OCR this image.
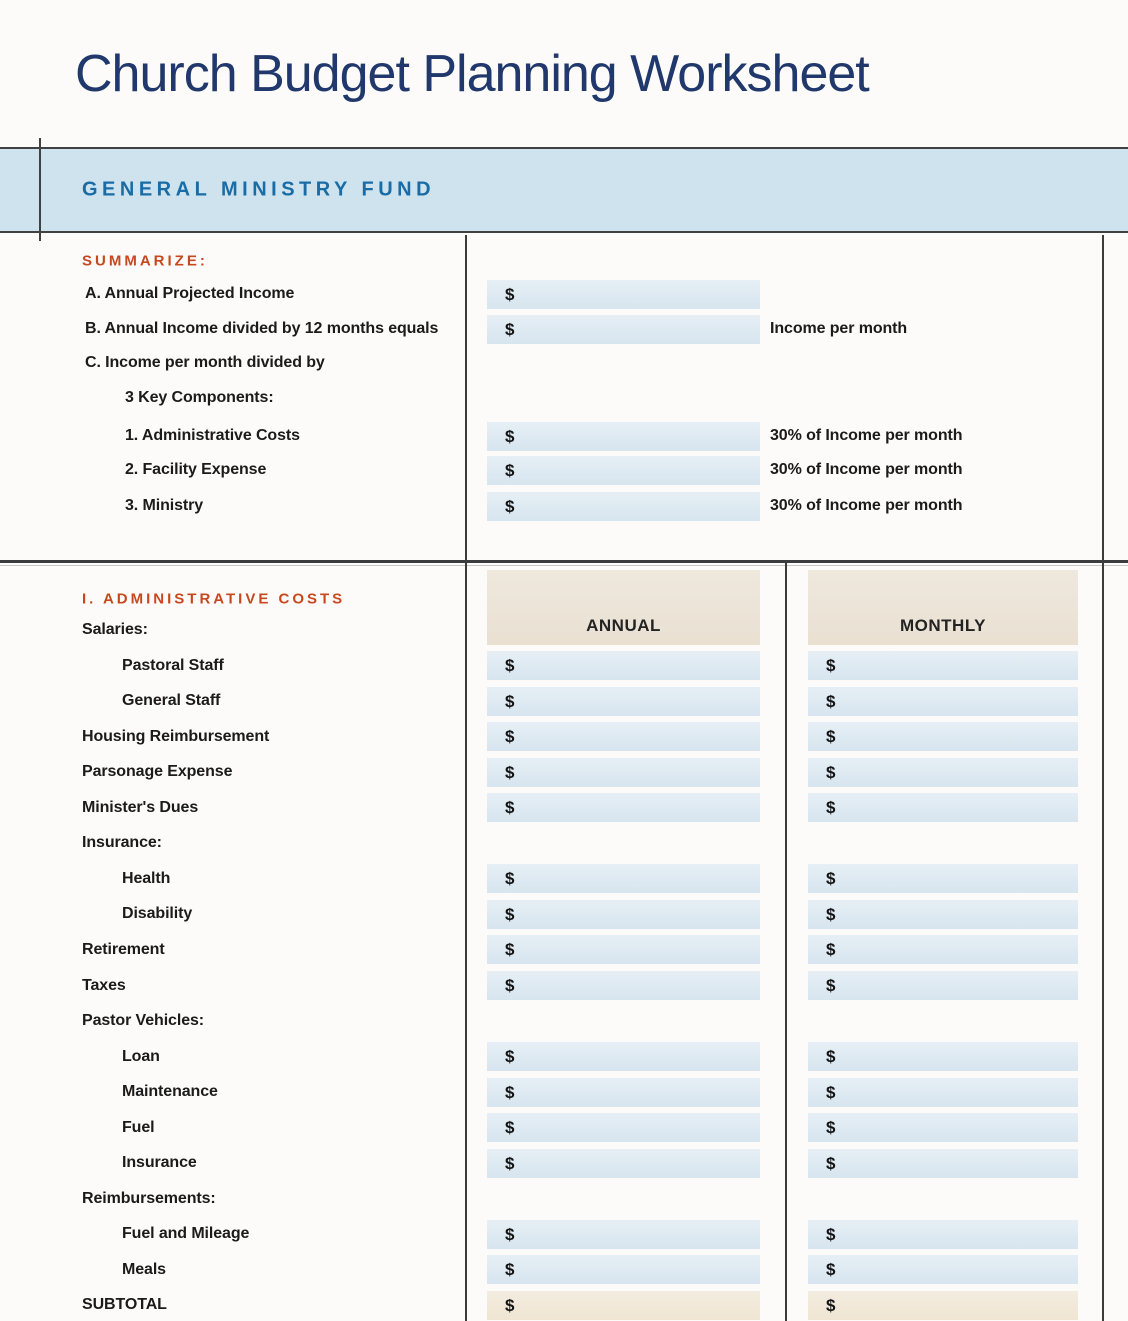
Church Budget Planning Worksheet
GENERAL MINISTRY FUND
SUMMARIZE:
A. Annual Projected Income	$
B. Annual Income divided by 12 months equals	$	Income per month
C. Income per month divided by
3 Key Components:
1. Administrative Costs	$	30% of Income per month
2. Facility Expense	$	30% of Income per month
3. Ministry	$	30% of Income per month
I. ADMINISTRATIVE COSTS
ANNUAL	MONTHLY
Salaries:
Pastoral Staff	$	$
General Staff	$	$
Housing Reimbursement	$	$
Parsonage Expense	$	$
Minister's Dues	$	$
Insurance:
Health	$	$
Disability	$	$
Retirement	$	$
Taxes	$	$
Pastor Vehicles:
Loan	$	$
Maintenance	$	$
Fuel	$	$
Insurance	$	$
Reimbursements:
Fuel and Mileage	$	$
Meals	$	$
SUBTOTAL	$	$
